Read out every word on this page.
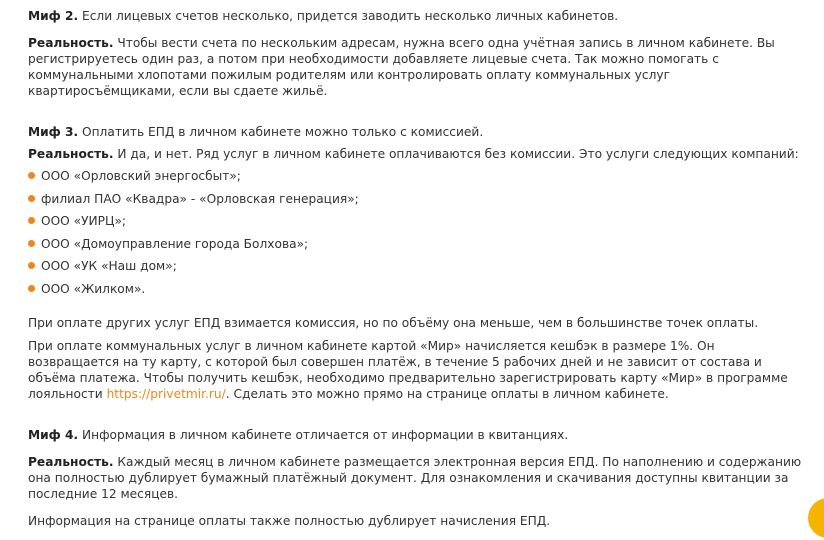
Миф 2. Если лицевых счетов несколько, придется заводить несколько личных кабинетов.

Реальность. Чтобы вести счета по нескольким адресам, нужна всего одна учётная запись в личном кабинете. Вы регистрируетесь один раз, а потом при необходимости добавляете лицевые счета. Так можно помогать с коммунальными хлопотами пожилым родителям или контролировать оплату коммунальных услуг квартиросъёмщиками, если вы сдаете жильё.

Миф 3. Оплатить ЕПД в личном кабинете можно только с комиссией.

Реальность. И да, и нет. Ряд услуг в личном кабинете оплачиваются без комиссии. Это услуги следующих компаний:

ООО «Орловский энергосбыт»;
филиал ПАО «Квадра» - «Орловская генерация»;
ООО «УИРЦ»;
ООО «Домоуправление города Болхова»;
ООО «УК «Наш дом»;
ООО «Жилком».

При оплате других услуг ЕПД взимается комиссия, но по объёму она меньше, чем в большинстве точек оплаты.

При оплате коммунальных услуг в личном кабинете картой «Мир» начисляется кешбэк в размере 1%. Он возвращается на ту карту, с которой был совершен платёж, в течение 5 рабочих дней и не зависит от состава и объёма платежа. Чтобы получить кешбэк, необходимо предварительно зарегистрировать карту «Мир» в программе лояльности https://privetmir.ru/. Сделать это можно прямо на странице оплаты в личном кабинете.

Миф 4. Информация в личном кабинете отличается от информации в квитанциях.

Реальность. Каждый месяц в личном кабинете размещается электронная версия ЕПД. По наполнению и содержанию она полностью дублирует бумажный платёжный документ. Для ознакомления и скачивания доступны квитанции за последние 12 месяцев.

Информация на странице оплаты также полностью дублирует начисления ЕПД.
